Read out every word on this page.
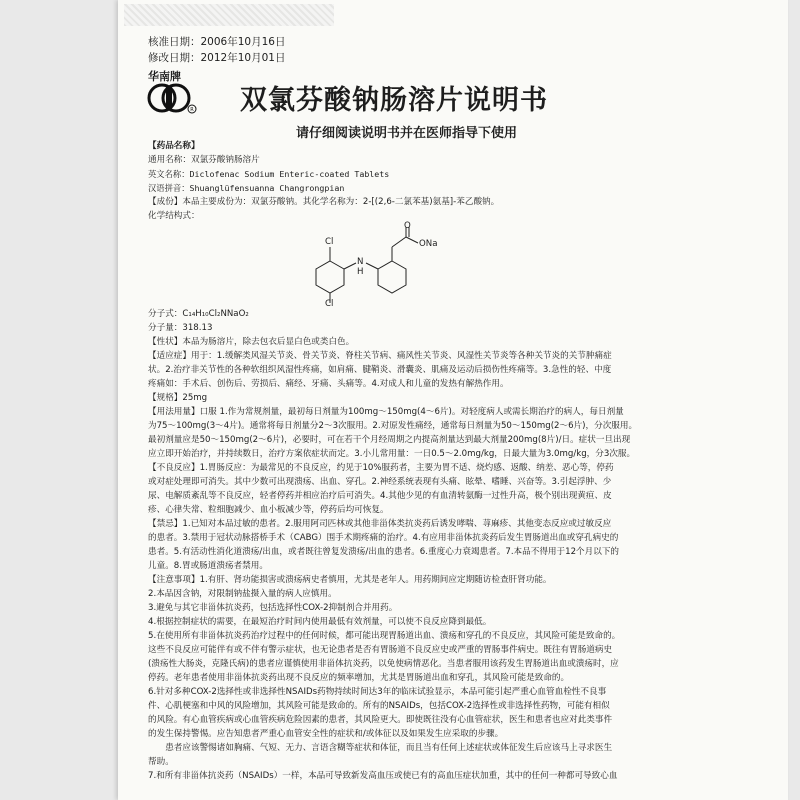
核准日期：2006年10月16日
修改日期：2012年10月01日
华南牌
R 双氯芬酸钠肠溶片说明书
请仔细阅读说明书并在医师指导下使用

【药品名称】

通用名称：双氯芬酸钠肠溶片

英文名称：Diclofenac Sodium Enteric-coated Tablets

汉语拼音：Shuanglüfensuanna Changrongpian

【成份】本品主要成份为：双氯芬酸钠。其化学名称为：2-[(2,6-二氯苯基)氨基]-苯乙酸钠。

化学结构式：

Cl
N
H
Cl
O
ONa

分子式：C₁₄H₁₀Cl₂NNaO₂

分子量：318.13

【性状】本品为肠溶片，除去包衣后显白色或类白色。

【适应症】用于：1.缓解类风湿关节炎、骨关节炎、脊柱关节病、痛风性关节炎、风湿性关节炎等各种关节炎的关节肿痛症

状。2.治疗非关节性的各种软组织风湿性疼痛，如肩痛、腱鞘炎、滑囊炎、肌痛及运动后损伤性疼痛等。3.急性的轻、中度

疼痛如：手术后、创伤后、劳损后、痛经、牙痛、头痛等。4.对成人和儿童的发热有解热作用。

【规格】25mg

【用法用量】口服 1.作为常规剂量，最初每日剂量为100mg～150mg(4～6片)。对轻度病人或需长期治疗的病人，每日剂量

为75～100mg(3～4片)。通常将每日剂量分2～3次服用。2.对原发性痛经，通常每日剂量为50～150mg(2～6片)，分次服用。

最初剂量应是50～150mg(2～6片)，必要时，可在若干个月经周期之内提高剂量达到最大剂量200mg(8片)/日。症状一旦出现

应立即开始治疗，并持续数日，治疗方案依症状而定。3.小儿常用量：一日0.5～2.0mg/kg，日最大量为3.0mg/kg，分3次服。

【不良反应】1.胃肠反应：为最常见的不良反应，约见于10%服药者，主要为胃不适、烧灼感、返酸、纳差、恶心等，停药

或对症处理即可消失。其中少数可出现溃疡、出血、穿孔。2.神经系统表现有头痛、眩晕、嗜睡、兴奋等。3.引起浮肿、少

尿、电解质紊乱等不良反应，轻者停药并相应治疗后可消失。4.其他少见的有血清转氨酶一过性升高，极个别出现黄疸、皮

疹、心律失常、粒细胞减少、血小板减少等，停药后均可恢复。

【禁忌】1.已知对本品过敏的患者。2.服用阿司匹林或其他非甾体类抗炎药后诱发哮喘、荨麻疹、其他变态反应或过敏反应

的患者。3.禁用于冠状动脉搭桥手术（CABG）围手术期疼痛的治疗。4.有应用非甾体抗炎药后发生胃肠道出血或穿孔病史的

患者。5.有活动性消化道溃疡/出血，或者既往曾复发溃疡/出血的患者。6.重度心力衰竭患者。7.本品不得用于12个月以下的

儿童。8.胃或肠道溃疡者禁用。

【注意事项】1.有肝、肾功能损害或溃疡病史者慎用，尤其是老年人。用药期间应定期随访检查肝肾功能。

2.本品因含钠，对限制钠盐摄入量的病人应慎用。

3.避免与其它非甾体抗炎药，包括选择性COX-2抑制剂合并用药。

4.根据控制症状的需要，在最短治疗时间内使用最低有效剂量，可以使不良反应降到最低。

5.在使用所有非甾体抗炎药治疗过程中的任何时候，都可能出现胃肠道出血、溃疡和穿孔的不良反应，其风险可能是致命的。

这些不良反应可能伴有或不伴有警示症状，也无论患者是否有胃肠道不良反应史或严重的胃肠事件病史。既往有胃肠道病史

(溃疡性大肠炎，克隆氏病)的患者应谨慎使用非甾体抗炎药，以免使病情恶化。当患者服用该药发生胃肠道出血或溃疡时，应

停药。老年患者使用非甾体抗炎药出现不良反应的频率增加，尤其是胃肠道出血和穿孔，其风险可能是致命的。

6.针对多种COX-2选择性或非选择性NSAIDs药物持续时间达3年的临床试验显示，本品可能引起严重心血管血栓性不良事

件、心肌梗塞和中风的风险增加，其风险可能是致命的。所有的NSAIDs，包括COX-2选择性或非选择性药物，可能有相似

的风险。有心血管疾病或心血管疾病危险因素的患者，其风险更大。即使既往没有心血管症状，医生和患者也应对此类事件

的发生保持警惕。应告知患者严重心血管安全性的症状和/或体征以及如果发生应采取的步骤。

　　患者应该警惕诸如胸痛、气短、无力、言语含糊等症状和体征，而且当有任何上述症状或体征发生后应该马上寻求医生

帮助。

7.和所有非甾体抗炎药（NSAIDs）一样，本品可导致新发高血压或使已有的高血压症状加重，其中的任何一种都可导致心血
